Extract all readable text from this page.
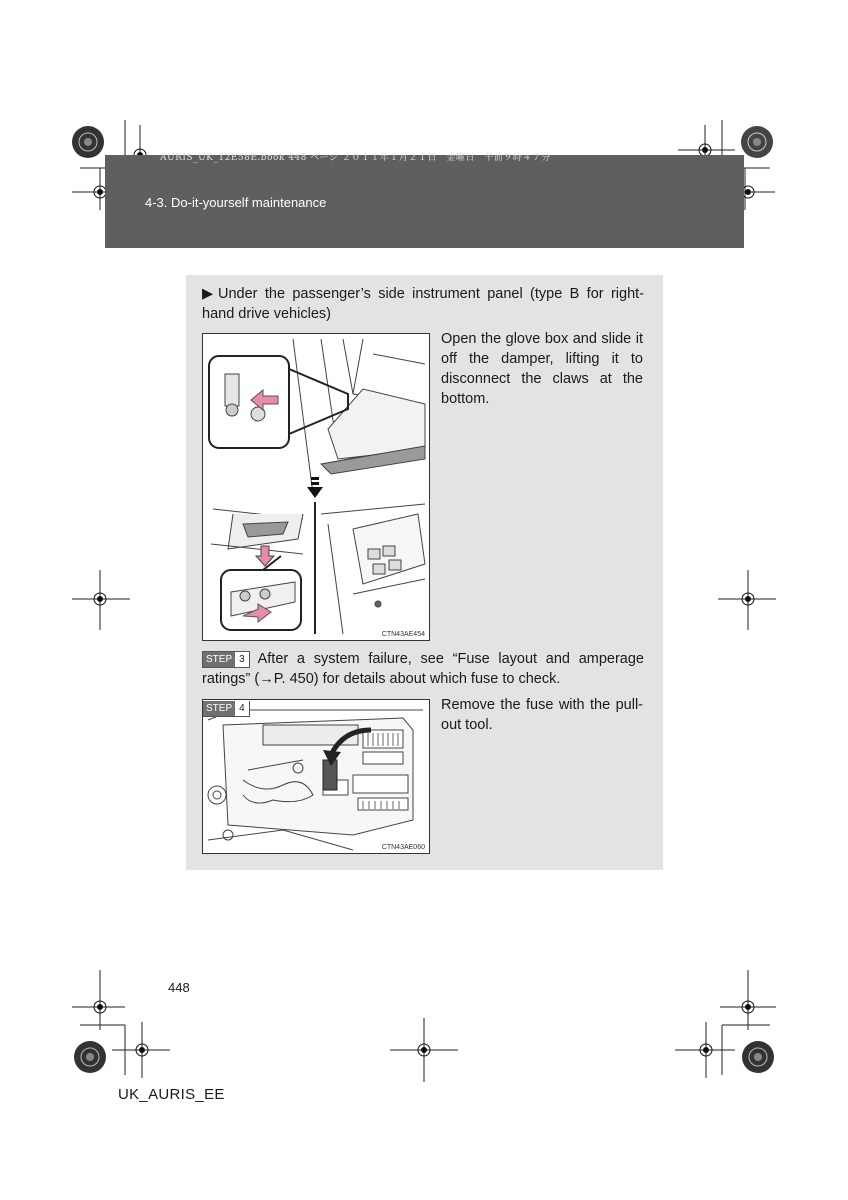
AURIS_UK_12E58E.book 448 ページ ２０１１年１月２１日　金曜日　午前９時４７分
4-3. Do-it-yourself maintenance
▶ Under the passenger’s side instrument panel (type B for right-hand drive vehicles)
CTN43AE454
Open the glove box and slide it off the damper, lifting it to disconnect the claws at the bottom.
STEP 3 After a system failure, see “Fuse layout and amperage ratings” (→P. 450) for details about which fuse to check.
STEP 4
CTN43AE060
Remove the fuse with the pull-out tool.
448
UK_AURIS_EE
